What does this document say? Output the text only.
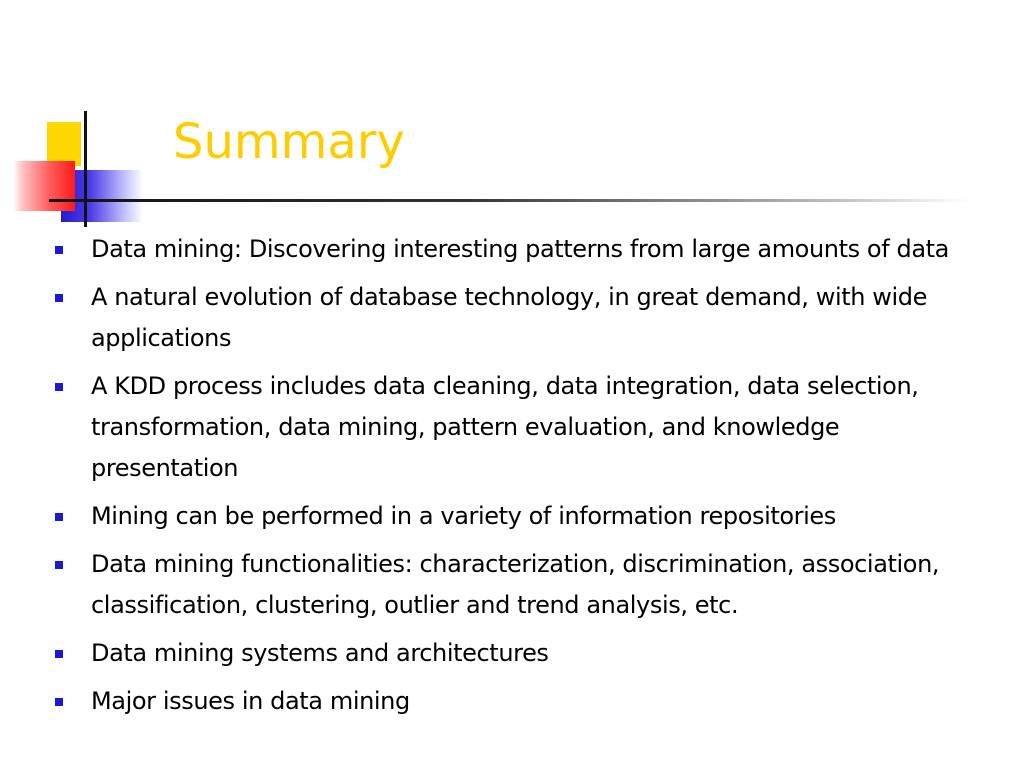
Summary
Data mining: Discovering interesting patterns from large amounts of data
A natural evolution of database technology, in great demand, with wide applications
A KDD process includes data cleaning, data integration, data selection, transformation, data mining, pattern evaluation, and knowledge presentation
Mining can be performed in a variety of information repositories
Data mining functionalities: characterization, discrimination, association, classification, clustering, outlier and trend analysis, etc.
Data mining systems and architectures
Major issues in data mining
